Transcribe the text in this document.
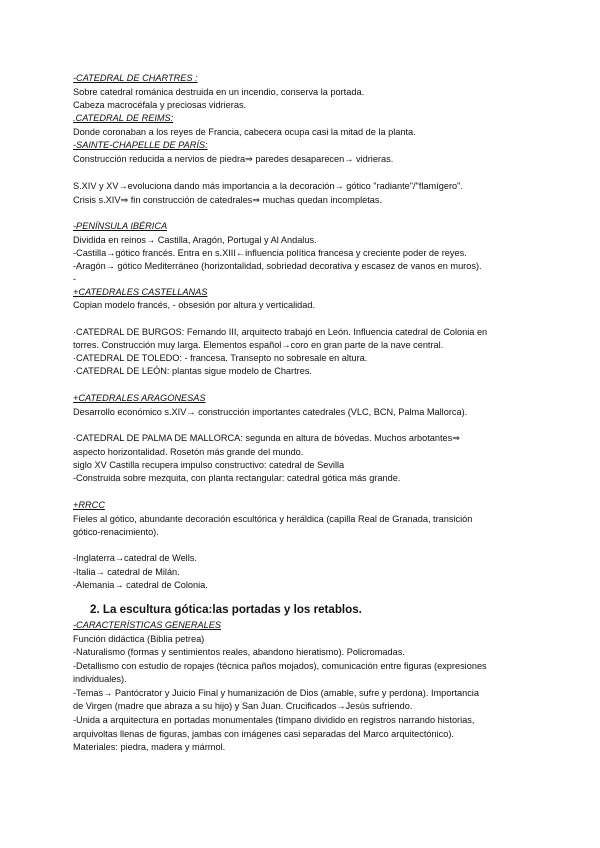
-CATEDRAL DE CHARTRES :
Sobre catedral románica destruida en un incendio, conserva la portada.
Cabeza macrocéfala y preciosas vidrieras.
.CATEDRAL DE REIMS:
Donde coronaban a los reyes de Francia, cabecera ocupa casi la mitad de la planta.
-SAINTE-CHAPELLE DE PARÍS:
Construcción reducida a nervios de piedra⇒ paredes desaparecen→ vidrieras.
S.XIV y XV→evoluciona dando más importancia a la decoración→ gótico "radiante"/"flamígero".
Crisis s.XIV⇒ fin construcción de catedrales⇒ muchas quedan incompletas.
-PENÍNSULA IBÉRICA
Dividida en reinos→ Castilla, Aragón, Portugal y Al Andalus.
-Castilla→gótico francés. Entra en s.XIII←influencia política francesa y creciente poder de reyes.
-Aragón→ gótico Mediterráneo (horizontalidad, sobriedad decorativa y escasez de vanos en muros).
-
+CATEDRALES CASTELLANAS
Copian modelo francés, - obsesión por altura y verticalidad.
·CATEDRAL DE BURGOS: Fernando III, arquitecto trabajó en León. Influencia catedral de Colonia en
torres. Construcción muy larga. Elementos español→coro en gran parte de la nave central.
·CATEDRAL DE TOLEDO: - francesa. Transepto no sobresale en altura.
·CATEDRAL DE LEÓN: plantas sigue modelo de Chartres.
+CATEDRALES ARAGONESAS
Desarrollo económico s.XIV→ construcción importantes catedrales (VLC, BCN, Palma Mallorca).
·CATEDRAL DE PALMA DE MALLORCA: segunda en altura de bóvedas. Muchos arbotantes⇒
aspecto horizontalidad. Rosetón más grande del mundo.
siglo XV Castilla recupera impulso constructivo: catedral de Sevilla
-Construida sobre mezquita, con planta rectangular: catedral gótica más grande.
+RRCC
Fieles al gótico, abundante decoración escultórica y heráldica (capilla Real de Granada, transición
gótico-renacimiento).
-Inglaterra→catedral de Wells.
-Italia→ catedral de Milán.
-Alemania→ catedral de Colonia.
-CARACTERÍSTICAS GENERALES
Función didáctica (Biblia petrea)
-Naturalismo (formas y sentimientos reales, abandono hieratismo). Policromadas.
-Detallismo con estudio de ropajes (técnica paños mojados), comunicación entre figuras (expresiones
individuales).
-Temas→ Pantócrator y Juicio Final y humanización de Dios (amable, sufre y perdona). Importancia
de Virgen (madre que abraza a su hijo) y San Juan. Crucificados→Jesús sufriendo.
-Unida a arquitectura en portadas monumentales (tímpano dividido en registros narrando historias,
arquivoltas llenas de figuras, jambas con imágenes casi separadas del Marco arquitectónico).
Materiales: piedra, madera y mármol.
2. La escultura gótica:las portadas y los retablos.
